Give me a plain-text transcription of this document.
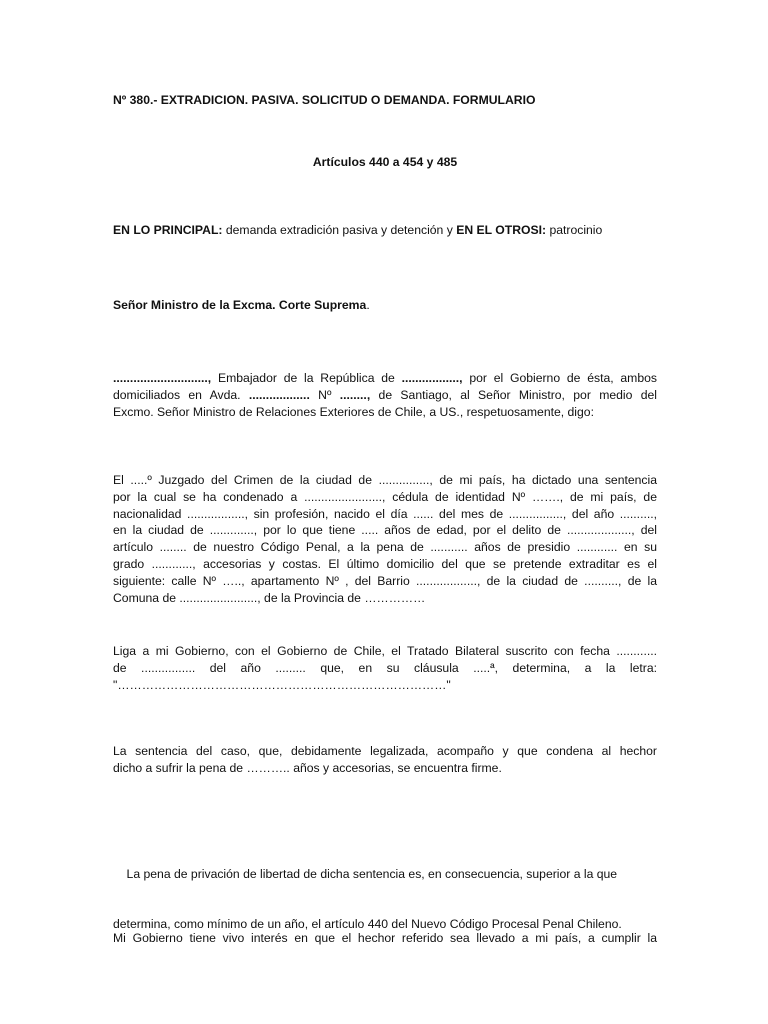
Nº 380.- EXTRADICION. PASIVA. SOLICITUD O DEMANDA. FORMULARIO

Artículos 440 a 454 y 485

EN LO PRINCIPAL: demanda extradición pasiva y detención y EN EL OTROSI: patrocinio

Señor Ministro de la Excma. Corte Suprema.

............................, Embajador de la República de ................., por el Gobierno de ésta, ambos
domiciliados en Avda. .................. Nº ........, de Santiago, al Señor Ministro, por medio del
Excmo. Señor Ministro de Relaciones Exteriores de Chile, a US., respetuosamente, digo:
El .....º Juzgado del Crimen de la ciudad de ..............., de mi país, ha dictado una sentencia
por la cual se ha condenado a ......................., cédula de identidad Nº ……., de mi país, de
nacionalidad ................., sin profesión, nacido el día ...... del mes de ................, del año ..........,
en la ciudad de ............., por lo que tiene ..... años de edad, por el delito de ..................., del
artículo ........ de nuestro Código Penal, a la pena de ........... años de presidio ............ en su
grado ............, accesorias y costas. El último domicilio del que se pretende extraditar es el
siguiente: calle Nº ….., apartamento Nº , del Barrio .................., de la ciudad de .........., de la
Comuna de ......................., de la Provincia de ……………
Liga a mi Gobierno, con el Gobierno de Chile, el Tratado Bilateral suscrito con fecha ............
de ................ del año ......... que, en su cláusula .....ª, determina, a la letra:
"………………………………………………………………………"
La sentencia del caso, que, debidamente legalizada, acompaño y que condena al hechor
dicho a sufrir la pena de ……….. años y accesorias, se encuentra firme.

La pena de privación de libertad de dicha sentencia es, en consecuencia, superior a la que

determina, como mínimo de un año, el artículo 440 del Nuevo Código Procesal Penal Chileno.

Mi Gobierno tiene vivo interés en que el hechor referido sea llevado a mi país, a cumplir la
